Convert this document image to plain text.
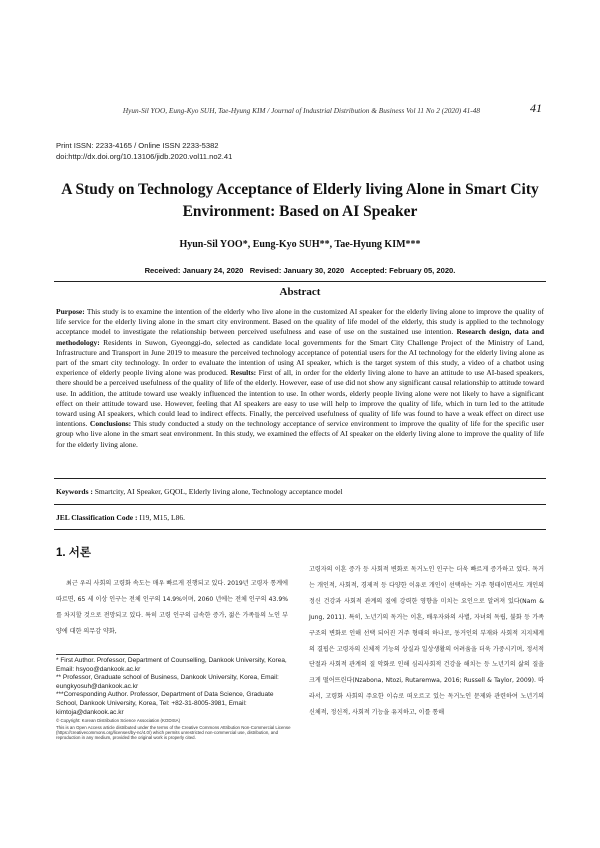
Hyun-Sil YOO, Eung-Kyo SUH, Tae-Hyung KIM / Journal of Industrial Distribution & Business Vol 11 No 2 (2020) 41-48	41
Print ISSN: 2233-4165 / Online ISSN 2233-5382
doi:http://dx.doi.org/10.13106/jidb.2020.vol11.no2.41
A Study on Technology Acceptance of Elderly living Alone in Smart City Environment: Based on AI Speaker
Hyun-Sil YOO*, Eung-Kyo SUH**, Tae-Hyung KIM***
Received: January 24, 2020   Revised: January 30, 2020   Accepted: February 05, 2020.
Abstract
Purpose: This study is to examine the intention of the elderly who live alone in the customized AI speaker for the elderly living alone to improve the quality of life service for the elderly living alone in the smart city environment. Based on the quality of life model of the elderly, this study is applied to the technology acceptance model to investigate the relationship between perceived usefulness and ease of use on the sustained use intention. Research design, data and methodology: Residents in Suwon, Gyeonggi-do, selected as candidate local governments for the Smart City Challenge Project of the Ministry of Land, Infrastructure and Transport in June 2019 to measure the perceived technology acceptance of potential users for the AI technology for the elderly living alone as part of the smart city technology. In order to evaluate the intention of using AI speaker, which is the target system of this study, a video of a chatbot using experience of elderly people living alone was produced. Results: First of all, in order for the elderly living alone to have an attitude to use AI-based speakers, there should be a perceived usefulness of the quality of life of the elderly. However, ease of use did not show any significant causal relationship to attitude toward use. In addition, the attitude toward use weakly influenced the intention to use. In other words, elderly people living alone were not likely to have a significant effect on their attitude toward use. However, feeling that AI speakers are easy to use will help to improve the quality of life, which in turn led to the attitude toward using AI speakers, which could lead to indirect effects. Finally, the perceived usefulness of quality of life was found to have a weak effect on direct use intentions. Conclusions: This study conducted a study on the technology acceptance of service environment to improve the quality of life for the specific user group who live alone in the smart seat environment. In this study, we examined the effects of AI speaker on the elderly living alone to improve the quality of life for the elderly living alone.
Keywords : Smartcity, AI Speaker, GQOL, Elderly living alone, Technology acceptance model
JEL Classification Code : I19, M15, L86.
1. 서론

최근 우리 사회의 고령화 속도는 매우 빠르게 진행되고 있다. 2019년 고령자 통계에 따르면, 65 세 이상 인구는 전체 인구의 14.9%이며, 2060 년에는 전체 인구의 43.9%를 차지할 것으로 전망되고 있다. 특히 고령 인구의 급속한 증가, 젊은 가족들의 노인 부양에 대한 의무감 약화,

고령자의 이혼 증가 등 사회적 변화로 독거노인 인구는 더욱 빠르게 증가하고 있다. 독거는 개인적, 사회적, 경제적 등 다양한 이유로 개인이 선택하는 거주 형태이면서도 개인의 정신 건강과 사회적 관계의 질에 강력한 영향을 미치는 요인으로 알려져 있다(Nam & Jung, 2011). 특히, 노년기의 독거는 이혼, 배우자와의 사별, 자녀의 독립, 불화 등 가족 구조의 변화로 인해 선택 되어진 거주 형태의 하나로, 동거인의 부재와 사회적 지지체계의 결핍은 고령자의 신체적 기능의 상실과 일상생활의 어려움을 더욱 가중시키며, 정서적 단절과 사회적 관계의 질 악화로 인해 심리사회적 건강을 해치는 등 노년기의 삶의 질을 크게 떨어뜨린다(Nzabona, Ntozi, Rutaremwa, 2016; Russell & Taylor, 2009). 따라서, 고령화 사회의 주요한 이슈로 떠오르고 있는 독거노인 문제와 관련하여 노년기의 신체적, 정신적, 사회적 기능을 유지하고, 이를 통해

* First Author. Professor, Department of Counselling, Dankook University, Korea, Email: hsyoo@dankook.ac.kr
** Professor, Graduate school of Business, Dankook University, Korea, Email: eungkyosuh@dankook.ac.kr
***Corresponding Author. Professor, Department of Data Science, Graduate School, Dankook University, Korea, Tel: +82-31-8005-3981, Email: kimtoja@dankook.ac.kr
© Copyright: Korean Distribution Science Association (KODISA)
This is an Open Access article distributed under the terms of the Creative Commons Attribution Non-Commercial License (https://creativecommons.org/licenses/by-nc/4.0/) which permits unrestricted non-commercial use, distribution, and reproduction in any medium, provided the original work is properly cited.
